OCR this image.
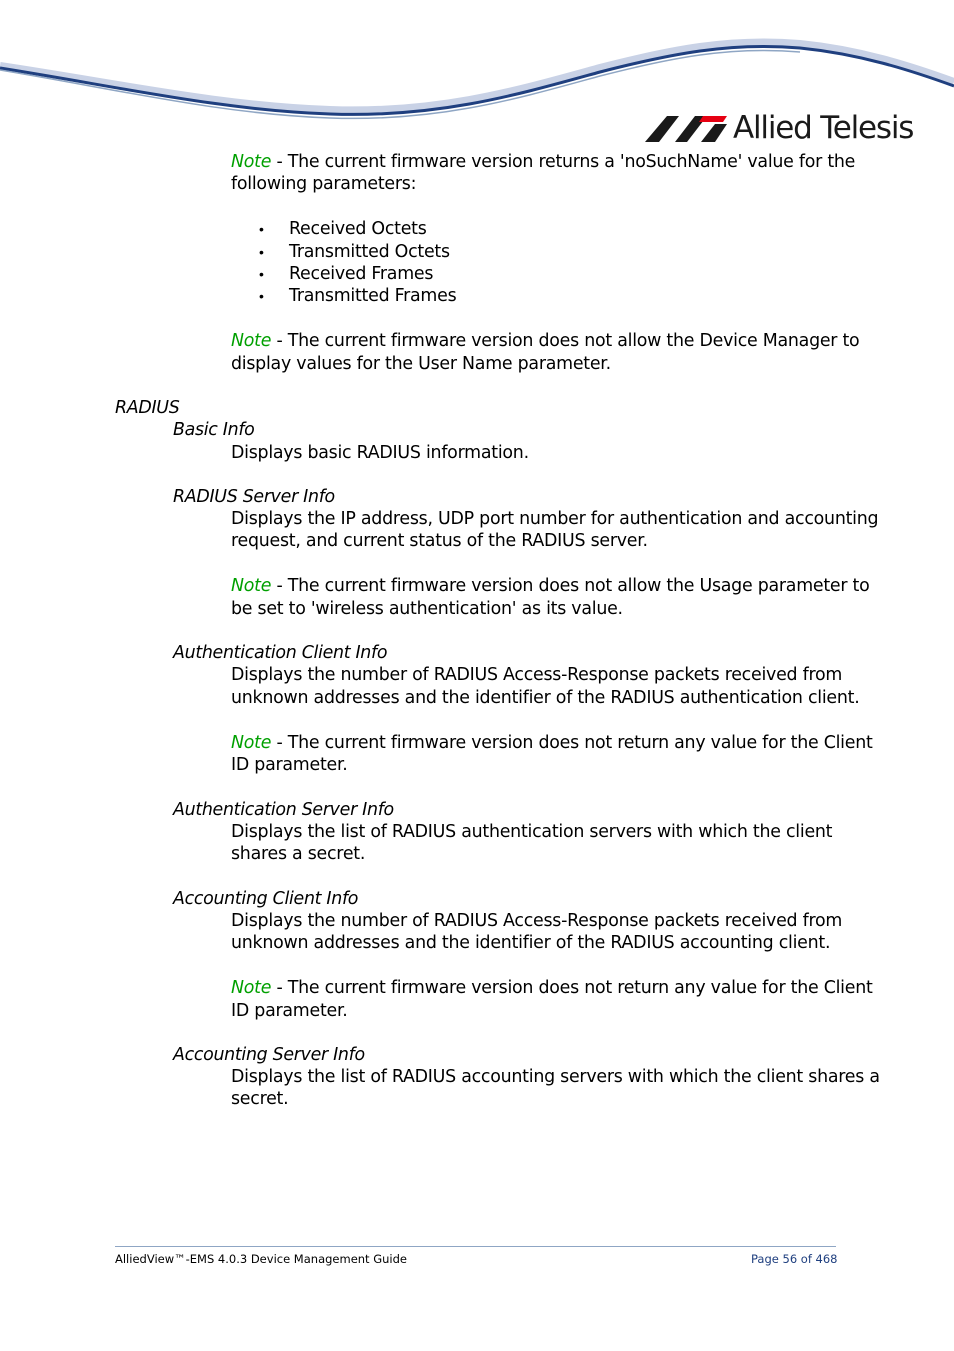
Allied Telesis
Note - The current firmware version returns a 'noSuchName' value for the
following parameters:
• Received Octets
• Transmitted Octets
• Received Frames
• Transmitted Frames
Note - The current firmware version does not allow the Device Manager to
display values for the User Name parameter.
RADIUS
Basic Info
Displays basic RADIUS information.
RADIUS Server Info
Displays the IP address, UDP port number for authentication and accounting
request, and current status of the RADIUS server.
Note - The current firmware version does not allow the Usage parameter to
be set to 'wireless authentication' as its value.
Authentication Client Info
Displays the number of RADIUS Access-Response packets received from
unknown addresses and the identifier of the RADIUS authentication client.
Note - The current firmware version does not return any value for the Client
ID parameter.
Authentication Server Info
Displays the list of RADIUS authentication servers with which the client
shares a secret.
Accounting Client Info
Displays the number of RADIUS Access-Response packets received from
unknown addresses and the identifier of the RADIUS accounting client.
Note - The current firmware version does not return any value for the Client
ID parameter.
Accounting Server Info
Displays the list of RADIUS accounting servers with which the client shares a
secret.
AlliedView™-EMS 4.0.3 Device Management Guide	Page 56 of 468
